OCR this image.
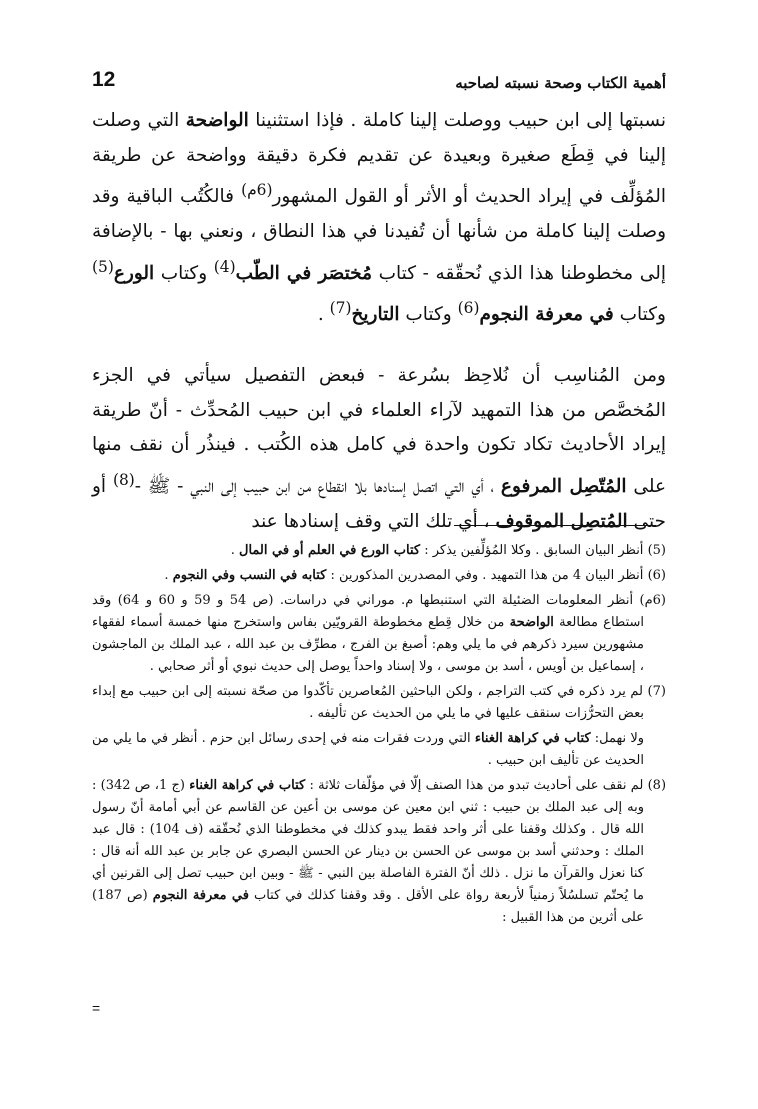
أهمية الكتاب وصحة نسبته لصاحبه
12

نسبتها إلى ابن حبيب ووصلت إلينا كاملة . فإذا استثنينا الواضحة التي وصلت إلينا في قِطَع صغيرة وبعيدة عن تقديم فكرة دقيقة وواضحة عن طريقة المُؤلِّف في إيراد الحديث أو الأثر أو القول المشهور$^{(6م)}$ فالكُتُب الباقية وقد وصلت إلينا كاملة من شأنها أن تُفيدنا في هذا النطاق ، ونعني بها - بالإضافة إلى مخطوطنا هذا الذي نُحقّقه - كتاب مُختصَر في الطّب$^{(4)}$ وكتاب الورع$^{(5)}$ وكتاب في معرفة النجوم$^{(6)}$ وكتاب التاريخ$^{(7)}$ .

ومن المُناسِب أن نُلاحِظ بسُرعة - فبعض التفصيل سيأتي في الجزء المُخصَّص من هذا التمهيد لآراء العلماء في ابن حبيب المُحدِّث - أنّ طريقة إيراد الأحاديث تكاد تكون واحدة في كامل هذه الكُتب . فينذُر أن نقف منها على المُتّصِل المرفوع ، أي التي اتصل إسنادها بلا انقطاع من ابن حبيب إلى النبي - ﷺ -$^{(8)}$ أو حتى المُتصِل الموقوف ، أي تلك التي وقف إسنادها عند

(5) أنظر البيان السابق . وكلا المُؤلِّفين يذكر : كتاب الورع في العلم أو في المال .

(6) أنظر البيان 4 من هذا التمهيد . وفي المصدرين المذكورين : كتابه في النسب وفي النجوم .

(6م) أنظر المعلومات الضئيلة التي استنبطها م. موراني في دراسات. (ص 54 و 59 و 60 و 64) وقد استطاع مطالعة الواضحة من خلال قِطع مخطوطة القرويّين بفاس واستخرج منها خمسة أسماء لفقهاء مشهورين سيرد ذكرهم في ما يلي وهم: أصبغ بن الفرج ، مطرِّف بن عبد الله ، عبد الملك بن الماجشون ، إسماعيل بن أويس ، أسد بن موسى ، ولا إسناد واحداً يوصل إلى حديث نبوي أو أثر صحابي .

(7) لم يرد ذكره في كتب التراجم ، ولكن الباحثين المُعاصرين تأكّدوا من صحّة نسبته إلى ابن حبيب مع إبداء بعض التحرُّزات سنقف عليها في ما يلي من الحديث عن تأليفه .

ولا نهمل: كتاب في كراهة الغناء التي وردت فقرات منه في إحدى رسائل ابن حزم . أنظر في ما يلي من الحديث عن تأليف ابن حبيب .

(8) لم نقف على أحاديث تبدو من هذا الصنف إلّا في مؤلّفات ثلاثة : كتاب في كراهة الغناء (ج 1، ص 342) : وبه إلى عبد الملك بن حبيب : ثني ابن معين عن موسى بن أعين عن القاسم عن أبي أمامة أنّ رسول الله قال . وكذلك وقفنا على أثر واحد فقط يبدو كذلك في مخطوطنا الذي نُحقّقه (ف 104) : قال عبد الملك : وحدثني أسد بن موسى عن الحسن بن دينار عن الحسن البصري عن جابر بن عبد الله أنه قال : كنا نعزل والقرآن ما نزل . ذلك أنّ الفترة الفاصلة بين النبي - ﷺ - وبين ابن حبيب تصل إلى القرنين أي ما يُحتّم تسلسُلاً زمنياً لأربعة رواة على الأقل . وقد وقفنا كذلك في كتاب في معرفة النجوم (ص 187) على أثرين من هذا القبيل :

=
